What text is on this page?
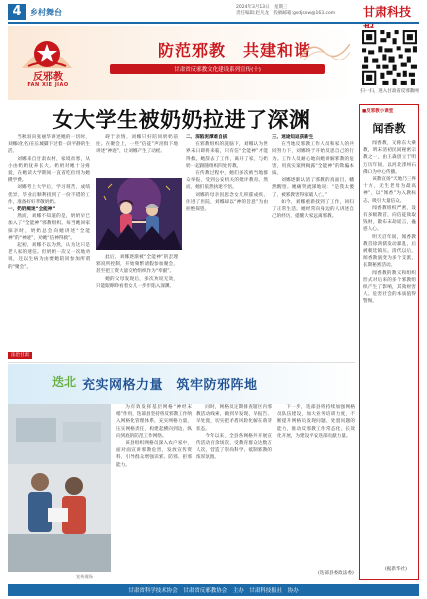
4	乡村舞台
2024年3月13日　星期三
责任编辑:赵凡龙　投稿邮箱:gsdjsxw@163.com	甘肃科技
反邪教
FAN XIE JIAO
防范邪教　共建和谐
甘肃省反邪教文化建设系列宣传(十)
扫一扫，进入甘肃省反邪教网
女大学生被奶奶拉进了深渊

当秋羽向张丽华讲述她的一切时，刘娜(化名)在长城脚下过着一段平静的生活。

刘娜来自甘肃农村，家境贫寒，从小由奶奶抚养长大。奶奶对她十分疼爱，在她读大学期间一直省吃俭用为她攒学费。

刘娜考上大学后，学习刻苦，成绩优异，毕业后顺利找到了一份不错的工作，准备好好孝敬奶奶。

一、奶奶痴迷“全能神”

然而，刘娜不知道的是，奶奶早已加入了“全能神”邪教组织。每当她回家探亲时，奶奶总会向她讲述“全能神”的“神迹”，劝她“信神得救”。

起初，刘娜不以为然，认为这只是老人家的迷信。但奶奶一次又一次地劝说，还以生病为由要她陪同参加所谓的“聚会”。

碍于亲情，刘娜只好陪同奶奶前往。在聚会上，一些“信徒”声泪俱下地讲述“神迹”，让刘娜产生了动摇。

此后，刘娜逐渐被“全能神”的歪理邪说所控制，开始频繁请假参加聚会，甚至把工资大量交给组织作为“奉献”。

她的父母发现后，多次劝说无效，只能眼睁睁看着女儿一步步陷入深渊。

二、深陷泥潭难自拔

在邪教组织的洗脑下，刘娜认为世界末日即将来临，只有信“全能神”才能得救。她辞去了工作，离开了家，与奶奶一起跟随组织四处传教。

在传教过程中，她们多次被当地群众举报，受到公安机关的批评教育。然而，她们依然执迷不悟。

刘娜的母亲因思念女儿积郁成疾，住进了医院，刘娜却以“神的旨意”为由拒绝探望。

三、迷途知返获新生

在当地反邪教工作人员和家人的共同努力下，刘娜终于开始反思自己的行为。工作人员耐心地向她讲解邪教的危害，用真实案例揭露“全能神”的欺骗本质。

刘娜逐渐认清了邪教的真面目，幡然醒悟。她痛哭流涕地说：“是我太傻了，被邪教害得家破人亡。”

如今，刘娜重新找到了工作，回归了正常生活。她经常向身边的人讲述自己的经历，提醒大家远离邪教。

法治甘肃
■反邪教小课堂
闻香教

闻香教，又称东大乘教，明末清初民间秘密宗教之一，由王森创立于明万历年间，以河北滦州石佛口为中心传播。

该教宣扬“天地乃三界十方，无生老母为最高神”，以“闻香”为入教标志，吸引大量信众。

闻香教组织严密，设有多级教首，向信徒敛取钱财，散布末劫谣言，蛊惑人心。

明天启年间，闻香教教首徐鸿儒发动暴乱，后被朝廷镇压。清代以后，闻香教演变为多个支派，长期秘密活动。

闻香教的教义和组织形式对后来的多个邪教组织产生了影响，其敛财害人、危害社会的本质值得警惕。

(据新华社)
迭北 充实网格力量　筑牢防邪阵地
宣传现场

为有效发挥基层网格“神经末梢”作用，迭部县坚持将反邪教工作纳入网格化管理体系，充实网格力量，压实网格责任，构建起横向到边、纵向到底的防范工作网络。

该县组织网格员深入农户家中，面对面宣讲邪教危害，发放宣传资料，引导群众增强识邪、防邪、拒邪能力。

同时，网格员定期排查辖区内邪教活动线索，做到早发现、早报告、早处置，切实把矛盾风险化解在萌芽状态。

今年以来，全县各网格共开展宣传活动百余场次，受教育群众达数万人次，营造了崇尚科学、抵制邪教的浓厚氛围。

下一步，迭部县将持续加强网格员队伍建设，加大业务培训力度，不断提升网格员发现问题、处置问题的能力，推动反邪教工作常态化、长效化开展，为建设平安迭部贡献力量。

(迭部县委政法委)
甘肃省科学技术协会　甘肃省反邪教协会　主办　甘肃科技报社　协办
